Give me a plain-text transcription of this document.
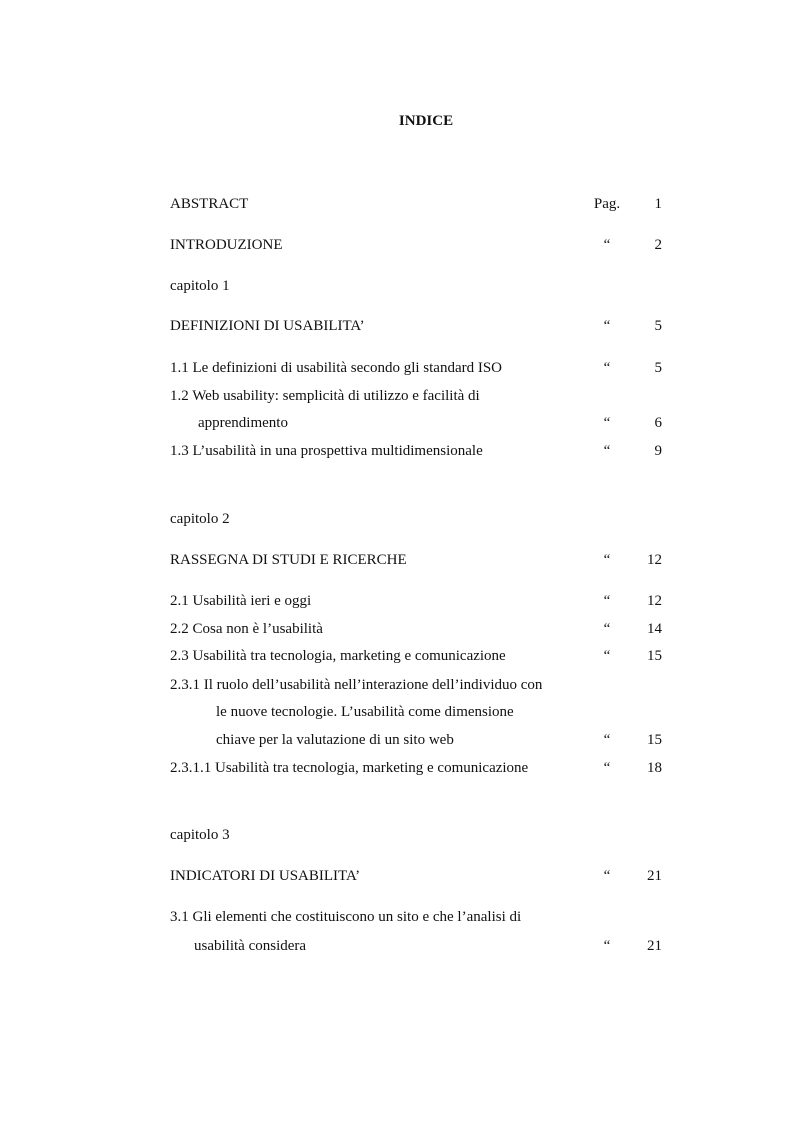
INDICE
ABSTRACT	Pag.	1
INTRODUZIONE	“	2
capitolo 1
DEFINIZIONI DI USABILITA’	“	5
1.1 Le definizioni di usabilità secondo gli standard ISO	“	5
1.2 Web usability: semplicità di utilizzo e facilità di
apprendimento	“	6
1.3 L’usabilità in una prospettiva multidimensionale	“	9
capitolo 2
RASSEGNA DI STUDI E RICERCHE	“	12
2.1 Usabilità ieri e oggi	“	12
2.2 Cosa non è l’usabilità	“	14
2.3 Usabilità tra tecnologia, marketing e comunicazione	“	15
2.3.1 Il ruolo dell’usabilità nell’interazione dell’individuo con
le nuove tecnologie. L’usabilità come dimensione
chiave per la valutazione di un sito web	“	15
2.3.1.1 Usabilità tra tecnologia, marketing e comunicazione	“	18
capitolo 3
INDICATORI DI USABILITA’	“	21
3.1 Gli elementi che costituiscono un sito e che l’analisi di
usabilità considera	“	21
